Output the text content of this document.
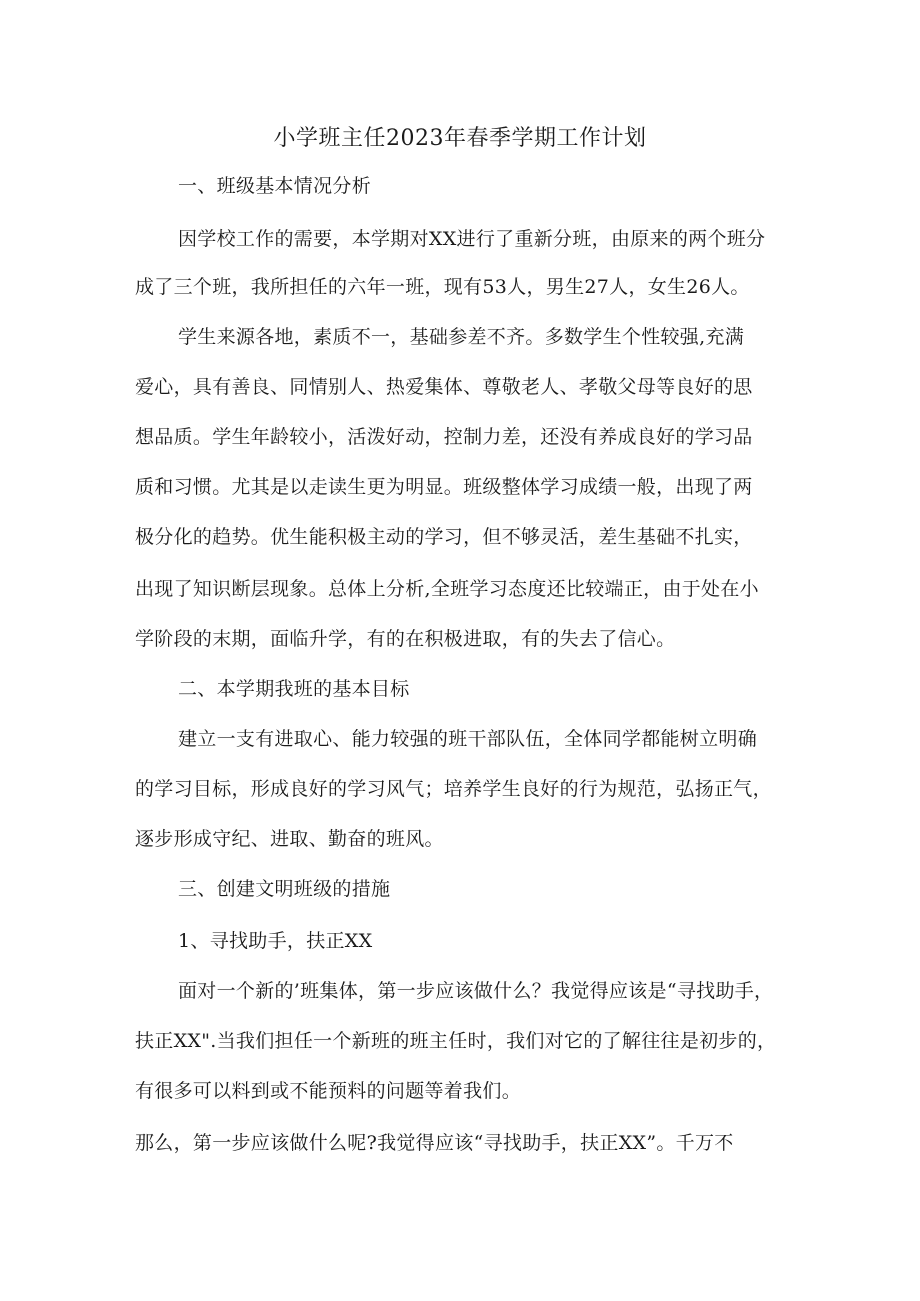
小学班主任2023年春季学期工作计划
一、班级基本情况分析
因学校工作的需要，本学期对XX进行了重新分班，由原来的两个班分
成了三个班，我所担任的六年一班，现有53人，男生27人，女生26人。
学生来源各地，素质不一，基础参差不齐。多数学生个性较强,充满
爱心，具有善良、同情别人、热爱集体、尊敬老人、孝敬父母等良好的思
想品质。学生年龄较小，活泼好动，控制力差，还没有养成良好的学习品
质和习惯。尤其是以走读生更为明显。班级整体学习成绩一般，出现了两
极分化的趋势。优生能积极主动的学习，但不够灵活，差生基础不扎实，
出现了知识断层现象。总体上分析,全班学习态度还比较端正，由于处在小
学阶段的末期，面临升学，有的在积极进取，有的失去了信心。
二、本学期我班的基本目标
建立一支有进取心、能力较强的班干部队伍，全体同学都能树立明确
的学习目标，形成良好的学习风气；培养学生良好的行为规范，弘扬正气，
逐步形成守纪、进取、勤奋的班风。
三、创建文明班级的措施
1、寻找助手，扶正XX
面对一个新的’班集体，第一步应该做什么？我觉得应该是“寻找助手，
扶正XX".当我们担任一个新班的班主任时，我们对它的了解往往是初步的，
有很多可以料到或不能预料的问题等着我们。
那么，第一步应该做什么呢?我觉得应该“寻找助手，扶正XX”。千万不
